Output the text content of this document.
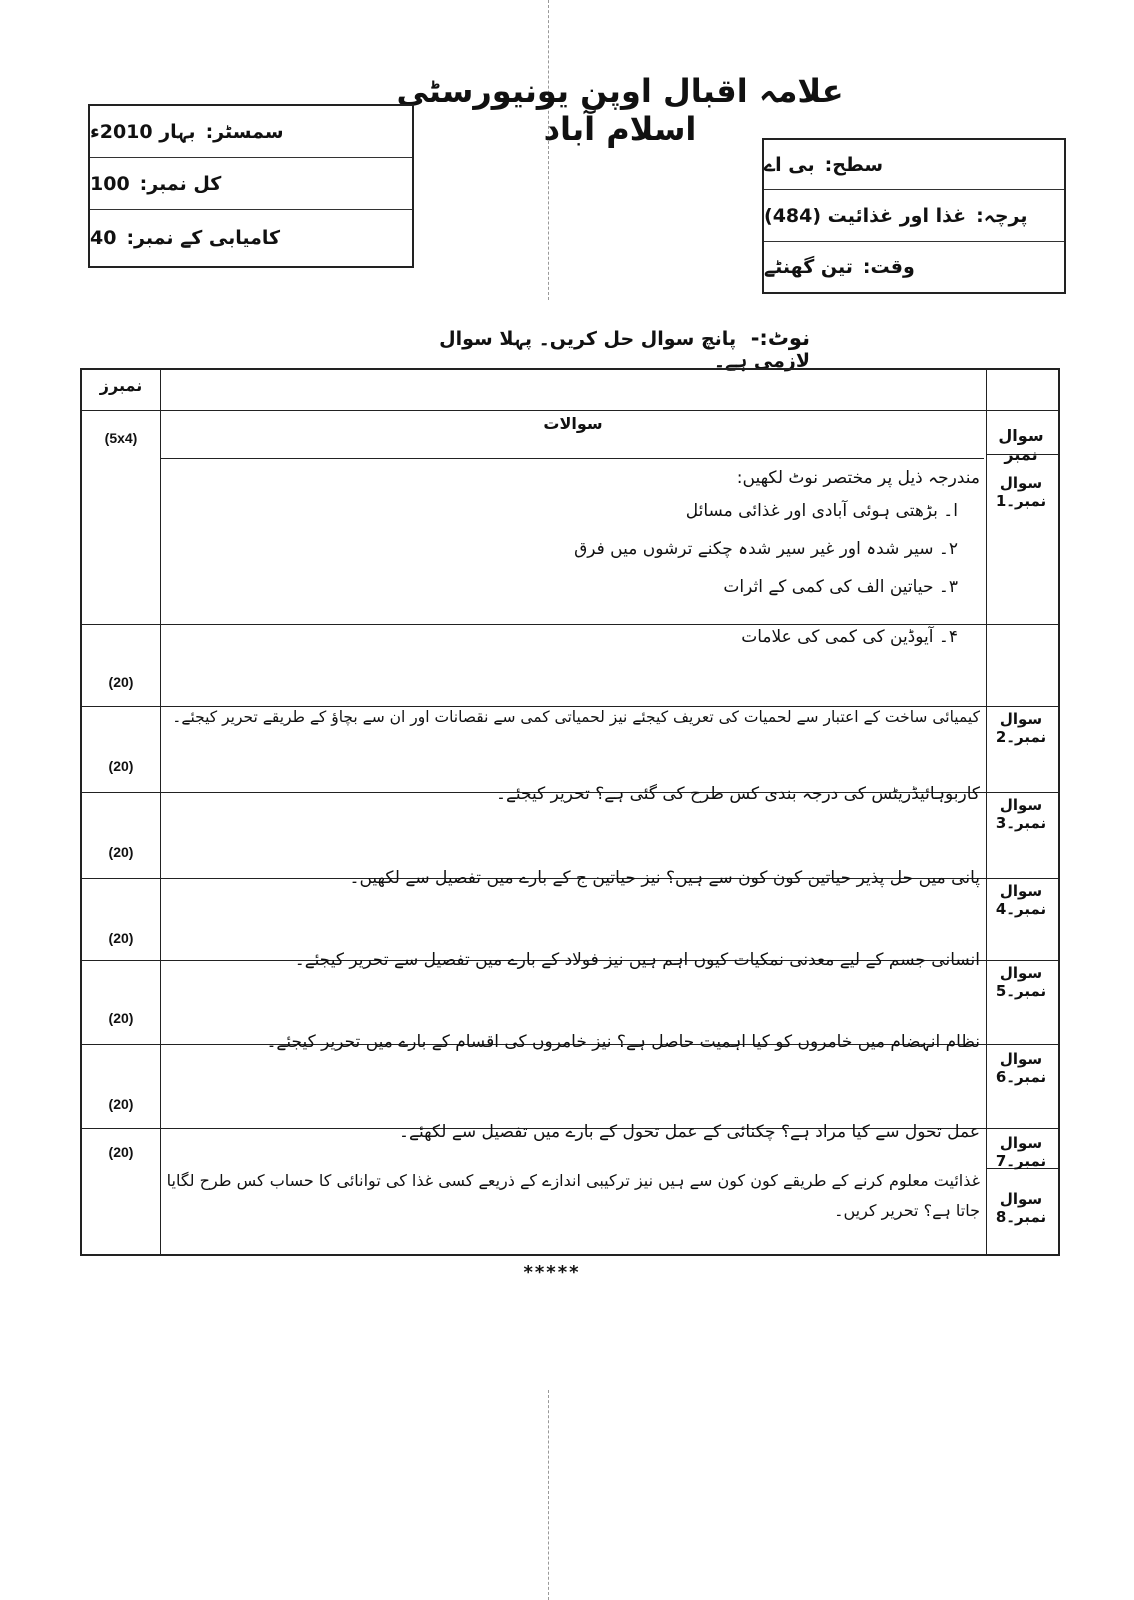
علامہ اقبال اوپن یونیورسٹی اسلام آباد
سمسٹر:
بہار 2010ء
کل نمبر:
100
کامیابی کے نمبر:
40
سطح:
بی اے
پرچہ:
غذا اور غذائیت (484)
وقت:
تین گھنٹے
نوٹ:- پانچ سوال حل کریں۔ پہلا سوال لازمی ہے۔
نمبرز
سوالات
سوال نمبر
(5x4)
سوال نمبر۔1
مندرجہ ذیل پر مختصر نوٹ لکھیں:
ا۔ بڑھتی ہوئی آبادی اور غذائی مسائل
۲۔ سیر شدہ اور غیر سیر شدہ چکنے ترشوں میں فرق
۳۔ حیاتین الف کی کمی کے اثرات
۴۔ آیوڈین کی کمی کی علامات
(20)
سوال نمبر۔2
کیمیائی ساخت کے اعتبار سے لحمیات کی تعریف کیجئے نیز لحمیاتی کمی سے نقصانات اور ان سے بچاؤ کے طریقے تحریر کیجئے۔
(20)
سوال نمبر۔3
کاربوہائیڈریٹس کی درجہ بندی کس طرح کی گئی ہے؟ تحریر کیجئے۔
(20)
سوال نمبر۔4
پانی میں حل پذیر حیاتین کون کون سے ہیں؟ نیز حیاتین ج کے بارے میں تفصیل سے لکھیں۔
(20)
سوال نمبر۔5
انسانی جسم کے لیے معدنی نمکیات کیوں اہم ہیں نیز فولاد کے بارے میں تفصیل سے تحریر کیجئے۔
(20)
سوال نمبر۔6
نظام انہضام میں خامروں کو کیا اہمیت حاصل ہے؟ نیز خامروں کی اقسام کے بارے میں تحریر کیجئے۔
(20)
سوال نمبر۔7
عمل تحول سے کیا مراد ہے؟ چکنائی کے عمل تحول کے بارے میں تفصیل سے لکھئے۔
(20)
سوال نمبر۔8
غذائیت معلوم کرنے کے طریقے کون کون سے ہیں نیز ترکیبی اندازے کے ذریعے کسی غذا کی توانائی کا حساب کس طرح لگایا جاتا ہے؟ تحریر کریں۔
*****
